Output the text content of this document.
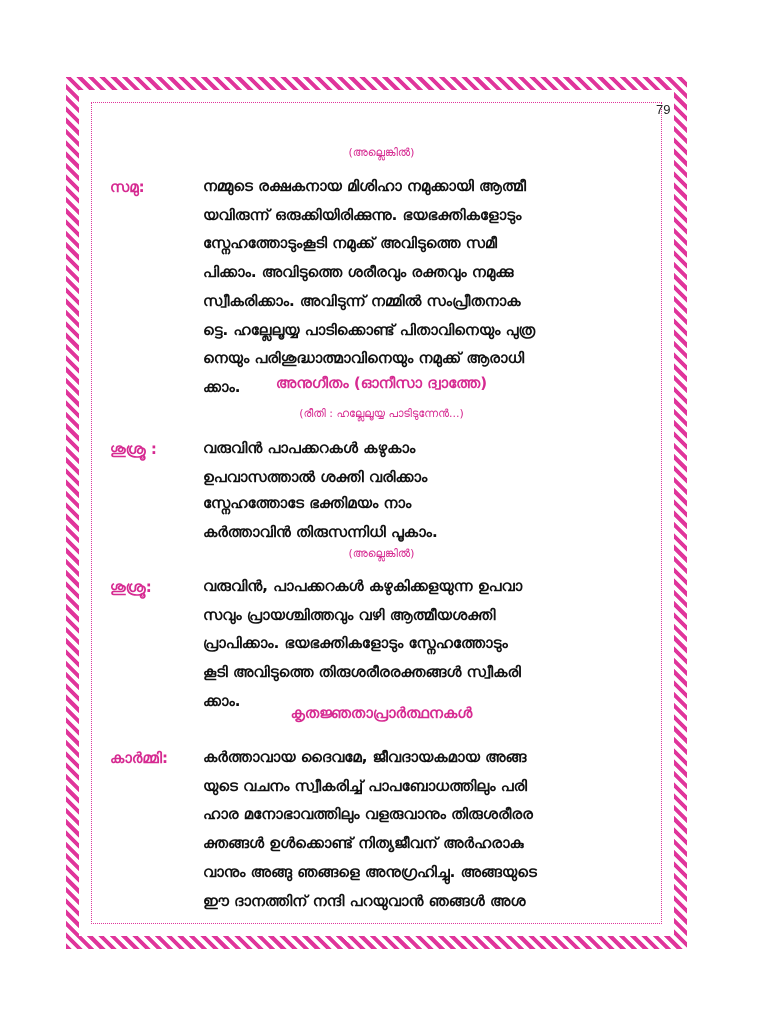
79
(അല്ലെങ്കിൽ)
സമു:	നമ്മുടെ രക്ഷകനായ മിശിഹാ നമുക്കായി ആത്മീ
യവിരുന്ന് ഒരുക്കിയിരിക്കുന്നു. ഭയഭക്തികളോടും
സ്നേഹത്തോടുംകൂടി നമുക്ക് അവിടുത്തെ സമീ
പിക്കാം. അവിടുത്തെ ശരീരവും രക്തവും നമുക്കു
സ്വീകരിക്കാം. അവിടുന്ന് നമ്മിൽ സംപ്രീതനാക
ട്ടെ. ഹല്ലേലൂയ്യ പാടിക്കൊണ്ട് പിതാവിനെയും പുത്ര
നെയും പരിശുദ്ധാത്മാവിനെയും നമുക്ക് ആരാധി
ക്കാം.	അനുഗീതം (ഓനീസാ ദ്വാത്തേ)
(രീതി : ഹല്ലേലൂയ്യ പാടിടുന്നേൻ...)
ശുശ്രൂ :	വരുവിൻ പാപക്കറകൾ കഴുകാം
ഉപവാസത്താൽ ശക്തി വരിക്കാം
സ്നേഹത്തോടേ ഭക്തിമയം നാം
കർത്താവിൻ തിരുസന്നിധി പൂകാം.
(അല്ലെങ്കിൽ)
ശുശ്രൂ:	വരുവിൻ, പാപക്കറകൾ കഴുകിക്കളയുന്ന ഉപവാ
സവും പ്രായശ്ചിത്തവും വഴി ആത്മീയശക്തി
പ്രാപിക്കാം. ഭയഭക്തികളോടും സ്നേഹത്തോടും
കൂടി അവിടുത്തെ തിരുശരീരരക്തങ്ങൾ സ്വീകരി
ക്കാം.
കൃതജ്ഞതാപ്രാർത്ഥനകൾ
കാർമ്മി: കർത്താവായ ദൈവമേ, ജീവദായകമായ അങ്ങ
യുടെ വചനം സ്വീകരിച്ച് പാപബോധത്തിലും പരി
ഹാര മനോഭാവത്തിലും വളരുവാനും തിരുശരീരര
ക്തങ്ങൾ ഉൾക്കൊണ്ട് നിത്യജീവന് അർഹരാകു
വാനും അങ്ങു ഞങ്ങളെ അനുഗ്രഹിച്ചു. അങ്ങയുടെ
ഈ ദാനത്തിന് നന്ദി പറയുവാൻ ഞങ്ങൾ അശ
